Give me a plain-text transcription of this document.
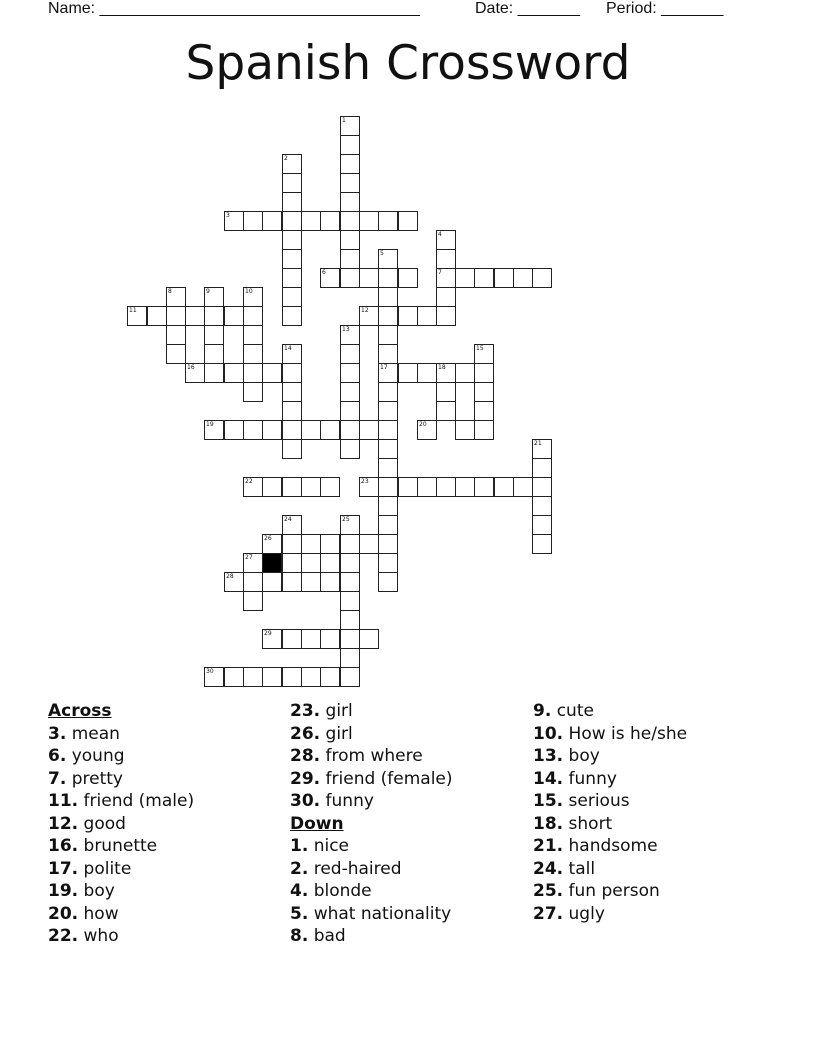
Name: ____________________________________	Date: _______ Period: _______
Spanish Crossword
1
2
3
4
5
6	7
8	9	10
11	12
13
14	15
16	17	18
19	20
21
22	23
24	25
26
27
28
29
30
Across
3. mean
6. young
7. pretty
11. friend (male)
12. good
16. brunette
17. polite
19. boy
20. how
22. who
23. girl
26. girl
28. from where
29. friend (female)
30. funny
Down
1. nice
2. red-haired
4. blonde
5. what nationality
8. bad
9. cute
10. How is he/she
13. boy
14. funny
15. serious
18. short
21. handsome
24. tall
25. fun person
27. ugly
